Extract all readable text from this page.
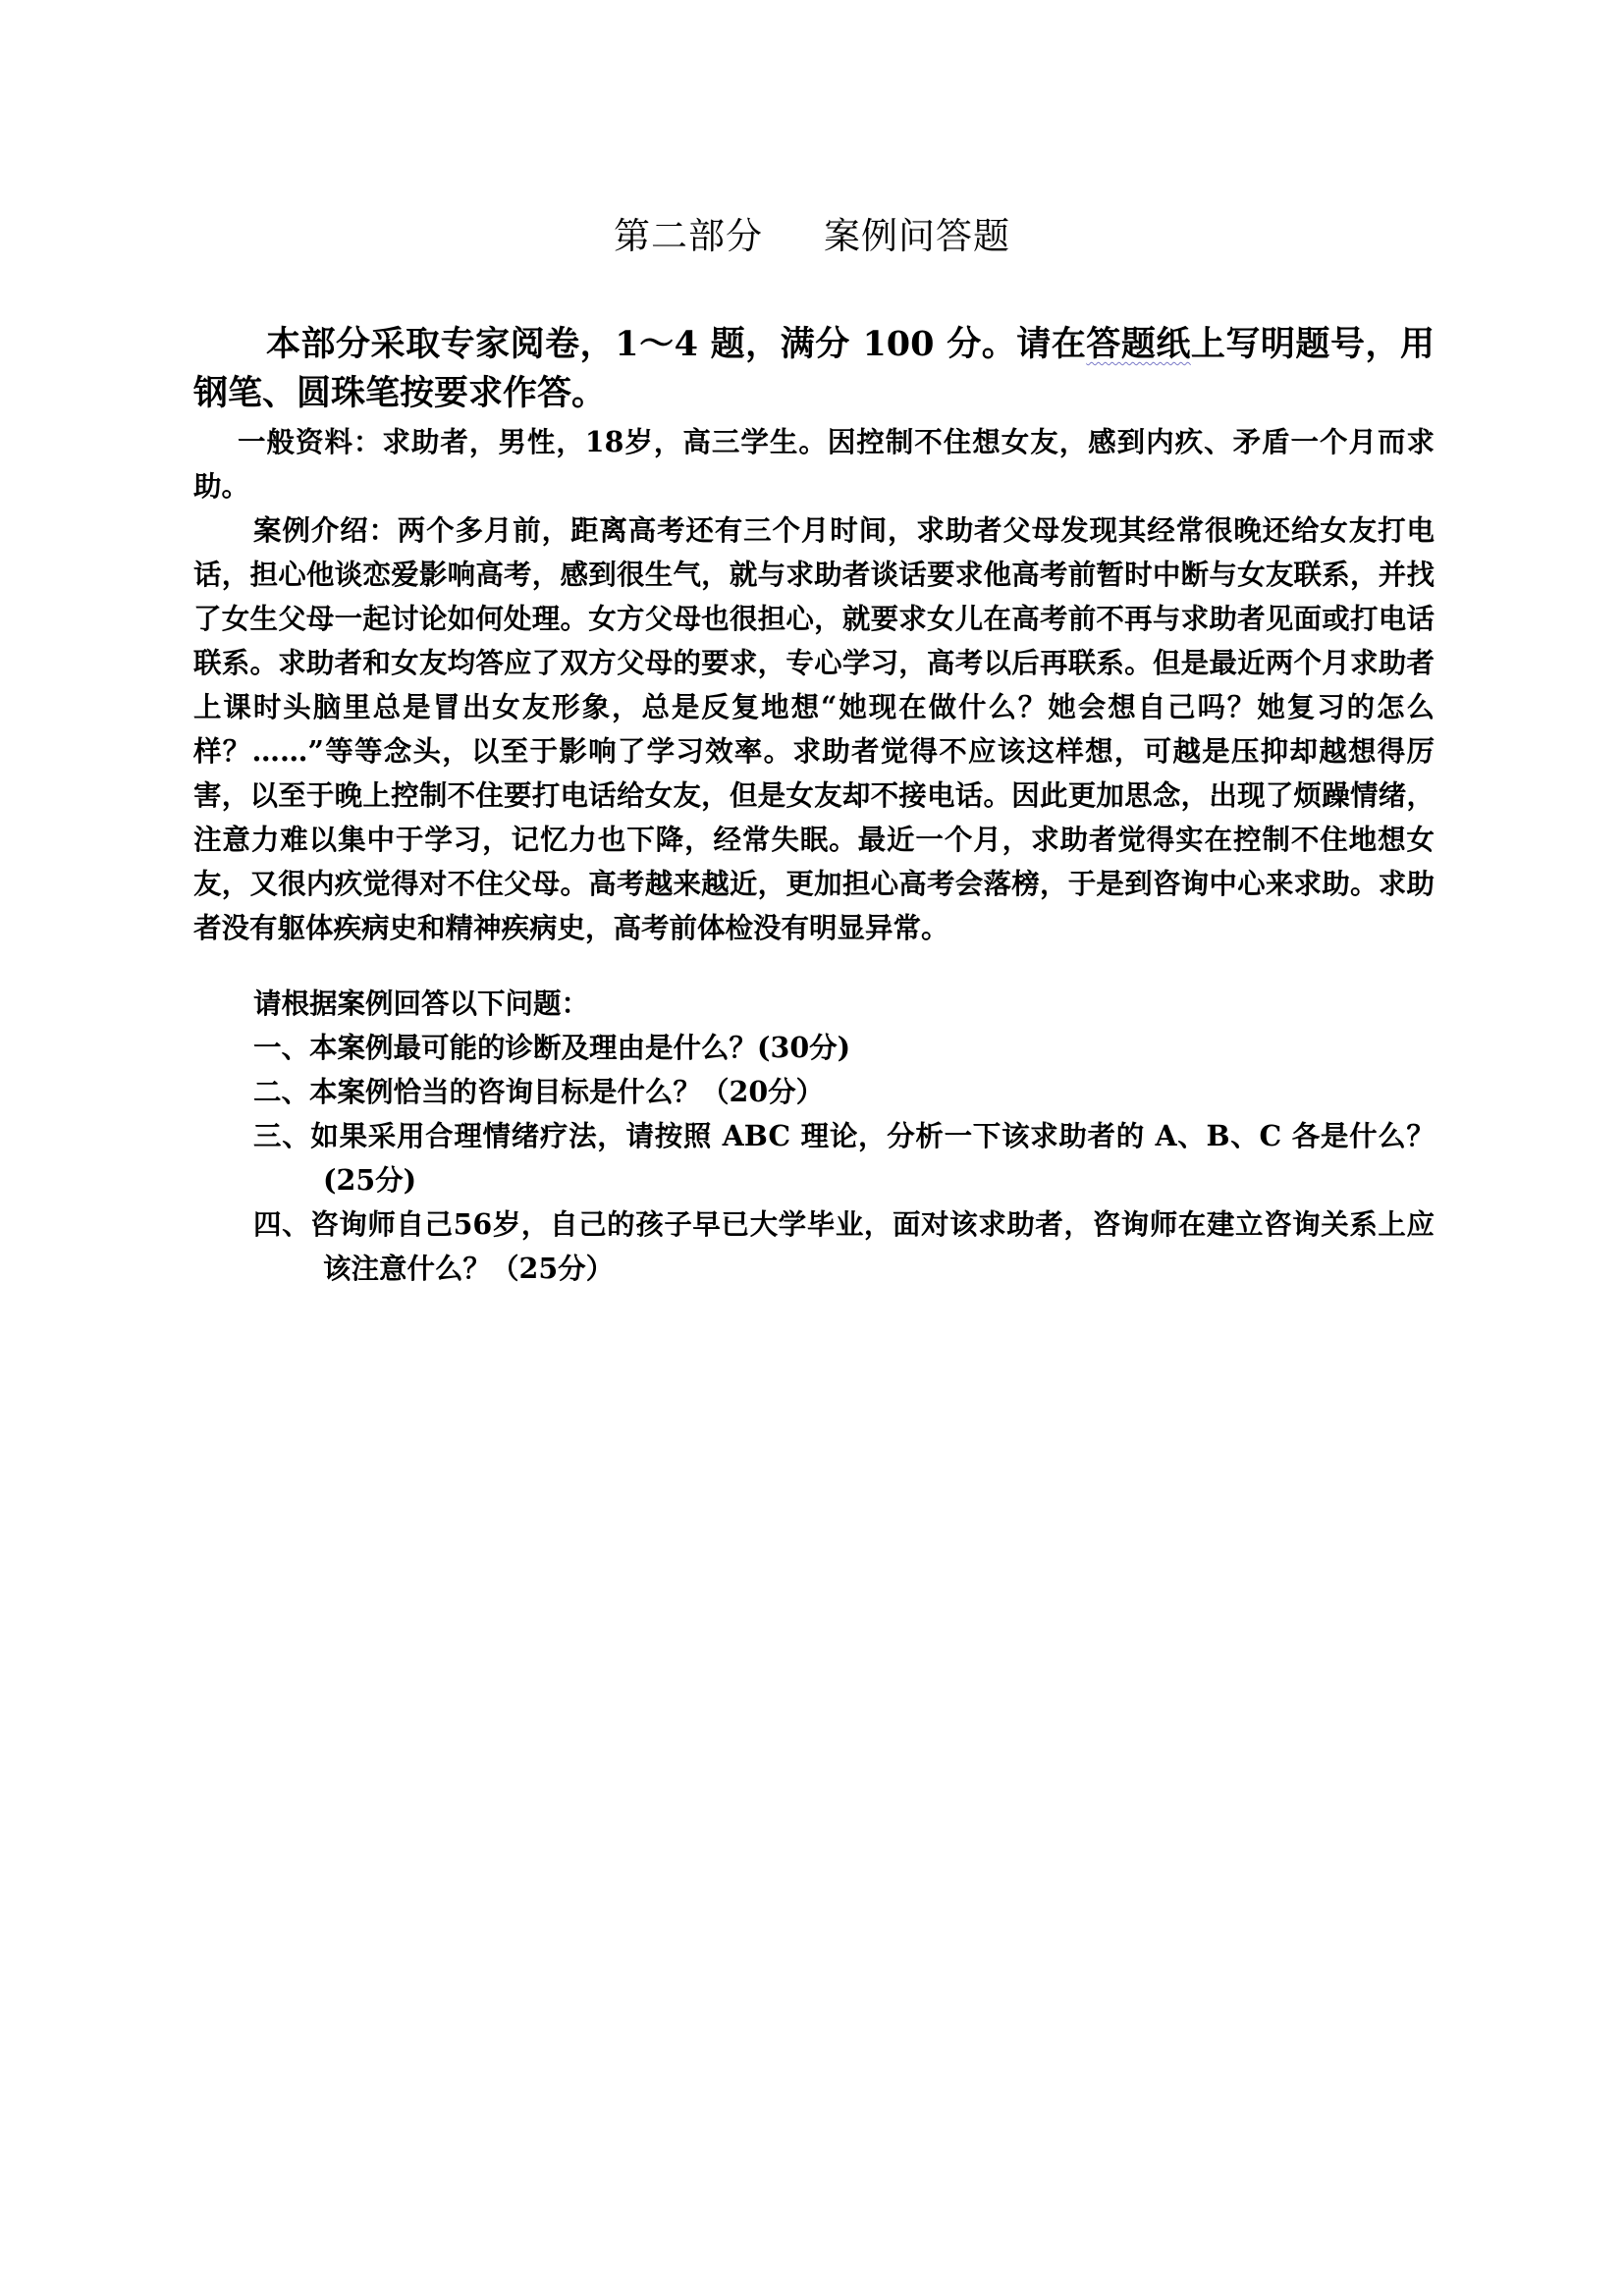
第二部分 案例问答题

本部分采取专家阅卷，1～4 题，满分 100 分。请在答题纸上写明题号，用钢笔、圆珠笔按要求作答。

一般资料：求助者，男性，18岁，高三学生。因控制不住想女友，感到内疚、矛盾一个月而求助。

案例介绍：两个多月前，距离高考还有三个月时间，求助者父母发现其经常很晚还给女友打电话，担心他谈恋爱影响高考，感到很生气，就与求助者谈话要求他高考前暂时中断与女友联系，并找了女生父母一起讨论如何处理。女方父母也很担心，就要求女儿在高考前不再与求助者见面或打电话联系。求助者和女友均答应了双方父母的要求，专心学习，高考以后再联系。但是最近两个月求助者上课时头脑里总是冒出女友形象，总是反复地想“她现在做什么？她会想自己吗？她复习的怎么样？……”等等念头，以至于影响了学习效率。求助者觉得不应该这样想，可越是压抑却越想得厉害，以至于晚上控制不住要打电话给女友，但是女友却不接电话。因此更加思念，出现了烦躁情绪，注意力难以集中于学习，记忆力也下降，经常失眠。最近一个月，求助者觉得实在控制不住地想女友，又很内疚觉得对不住父母。高考越来越近，更加担心高考会落榜，于是到咨询中心来求助。求助者没有躯体疾病史和精神疾病史，高考前体检没有明显异常。

请根据案例回答以下问题：

一、本案例最可能的诊断及理由是什么？(30分)
二、本案例恰当的咨询目标是什么？（20分）
三、如果采用合理情绪疗法，请按照 ABC 理论，分析一下该求助者的 A、B、C 各是什么？(25分)
四、咨询师自己56岁，自己的孩子早已大学毕业，面对该求助者，咨询师在建立咨询关系上应该注意什么？（25分）
